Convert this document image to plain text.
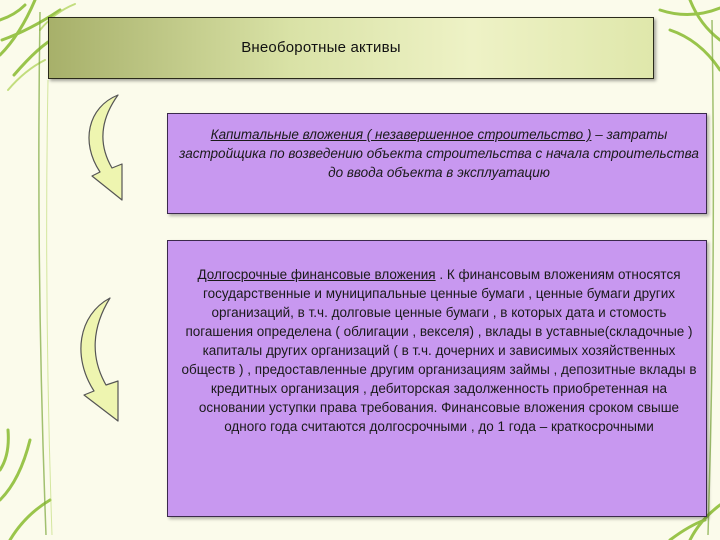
Внеоборотные активы

Капитальные вложения ( незавершенное строительство ) – затраты застройщика по возведению объекта строительства с начала строительства до ввода объекта в эксплуатацию

Долгосрочные финансовые вложения . К финансовым вложениям относятся государственные и муниципальные ценные бумаги , ценные бумаги других организаций, в т.ч. долговые ценные бумаги , в которых дата и стомость погашения определена ( облигации , векселя) , вклады в уставные(складочные ) капиталы других организаций ( в т.ч. дочерних и зависимых хозяйственных обществ ) , предоставленные другим организациям займы , депозитные вклады в кредитных организация , дебиторская задолженность приобретенная на основании уступки права требования. Финансовые вложения сроком свыше одного года считаются долгосрочными , до 1 года – краткосрочными
